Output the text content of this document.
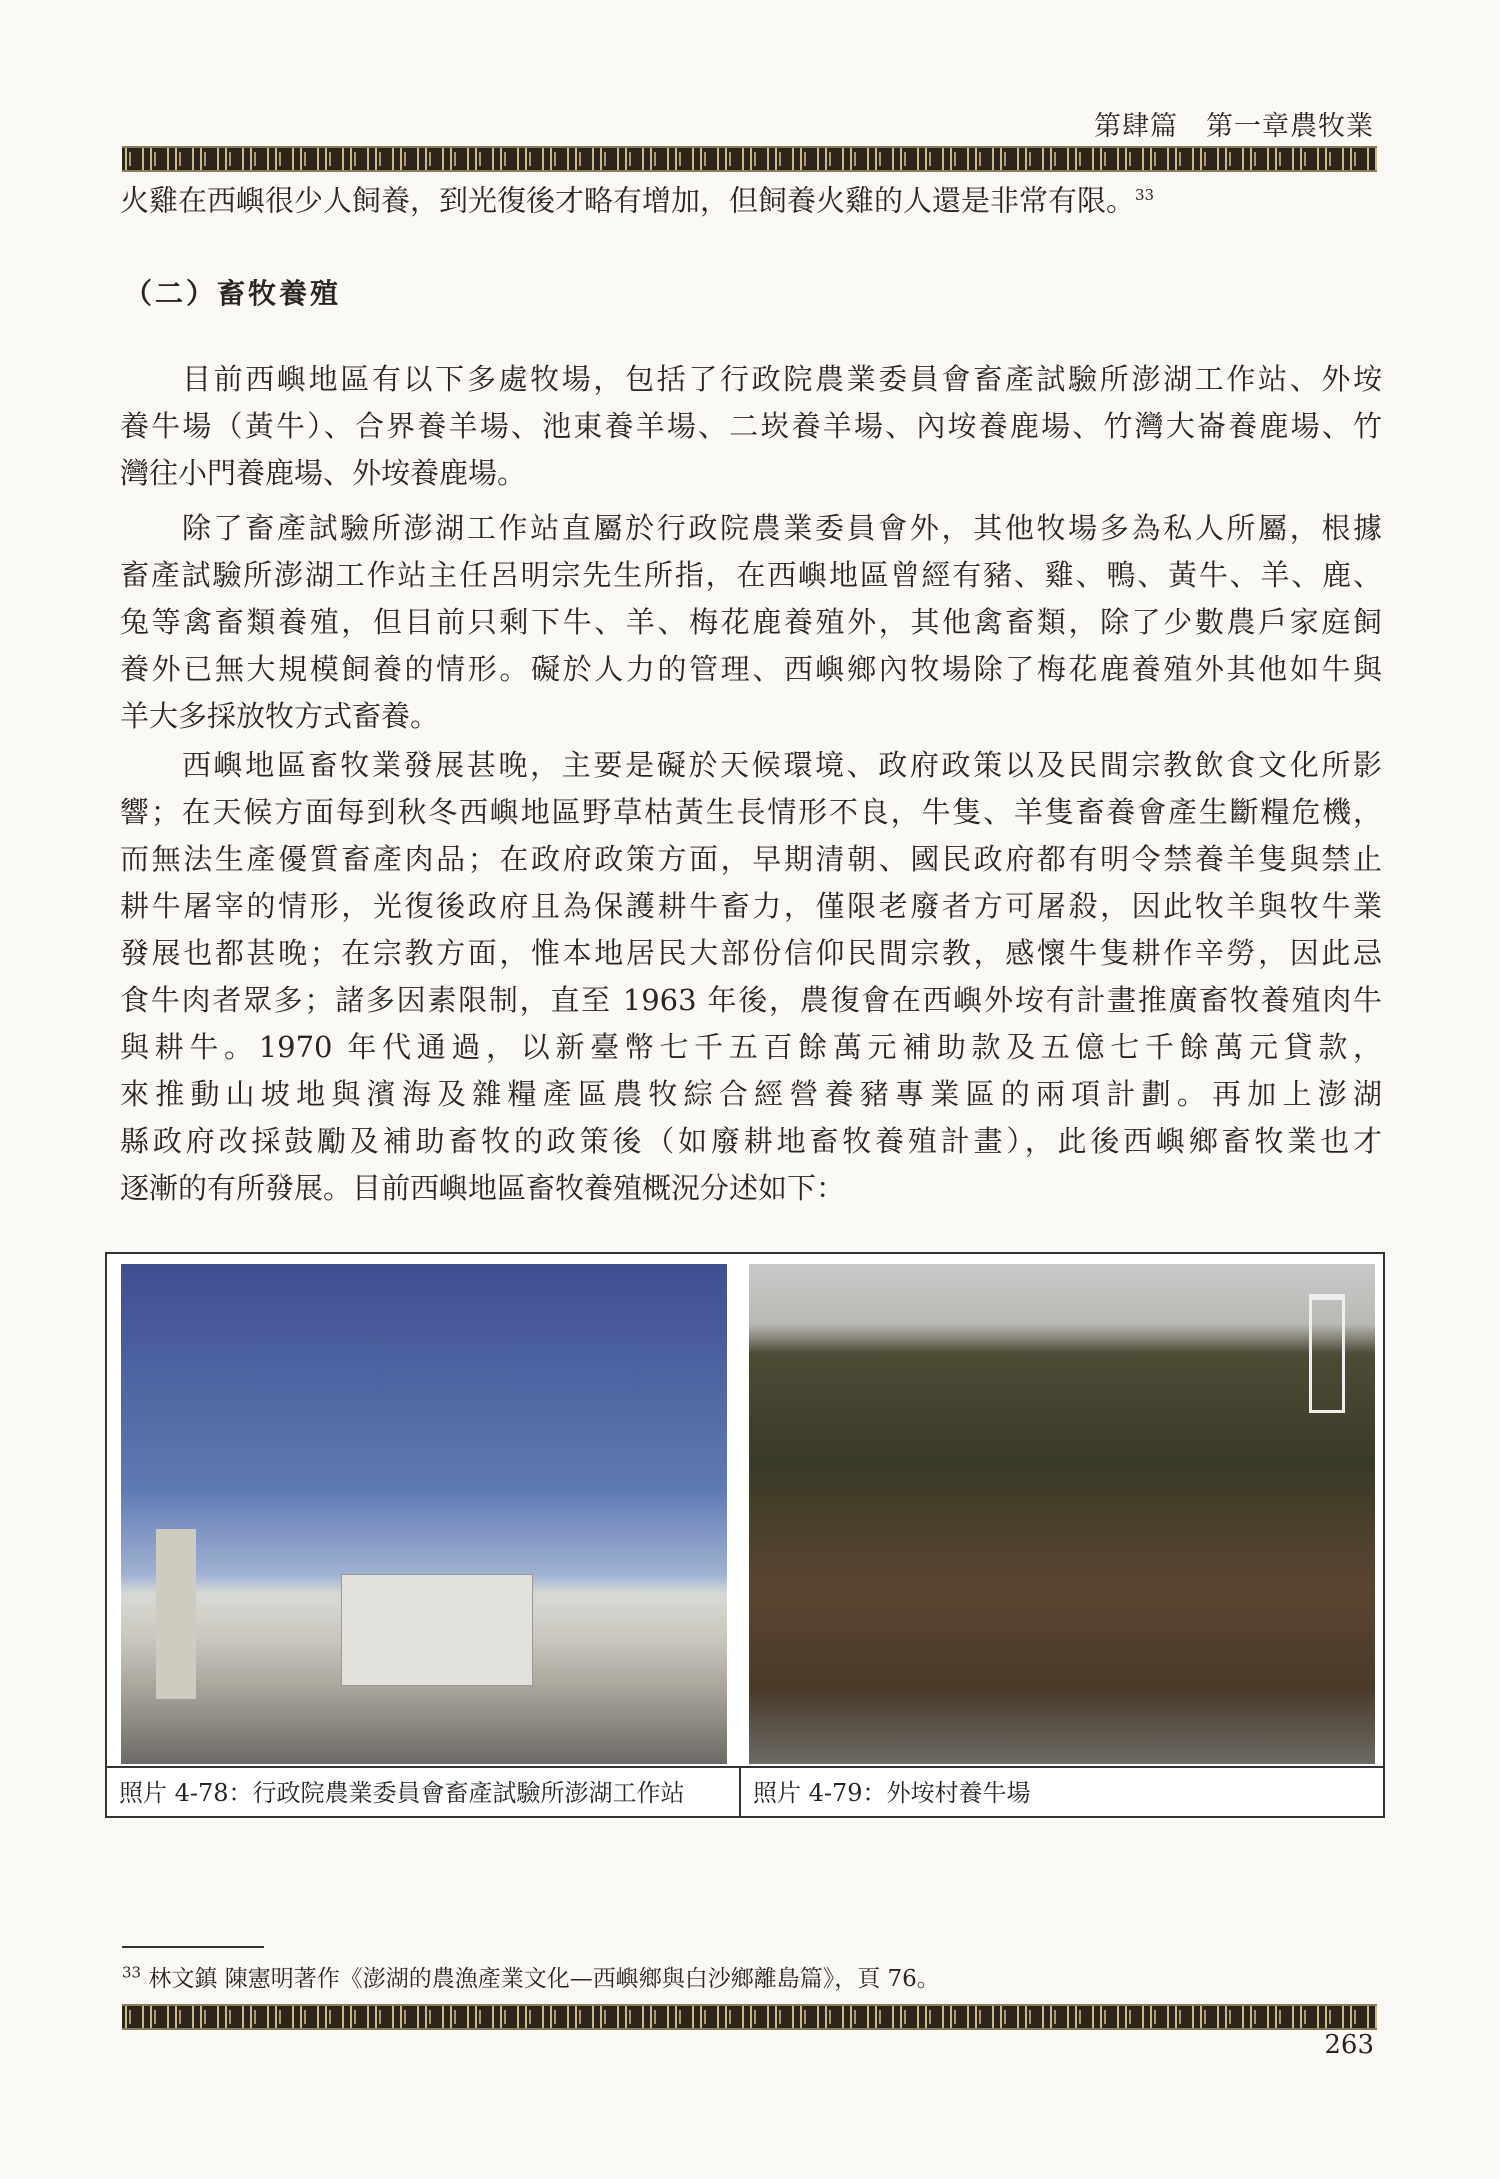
第肆篇　第一章農牧業
火雞在西嶼很少人飼養，到光復後才略有增加，但飼養火雞的人還是非常有限。$^{33}$
（二）畜牧養殖
目前西嶼地區有以下多處牧場，包括了行政院農業委員會畜產試驗所澎湖工作站、外垵
養牛場（黃牛）、合界養羊場、池東養羊場、二崁養羊場、內垵養鹿場、竹灣大崙養鹿場、竹
灣往小門養鹿場、外垵養鹿場。
除了畜產試驗所澎湖工作站直屬於行政院農業委員會外，其他牧場多為私人所屬，根據
畜產試驗所澎湖工作站主任呂明宗先生所指，在西嶼地區曾經有豬、雞、鴨、黃牛、羊、鹿、
兔等禽畜類養殖，但目前只剩下牛、羊、梅花鹿養殖外，其他禽畜類，除了少數農戶家庭飼
養外已無大規模飼養的情形。礙於人力的管理、西嶼鄉內牧場除了梅花鹿養殖外其他如牛與
羊大多採放牧方式畜養。
西嶼地區畜牧業發展甚晚，主要是礙於天候環境、政府政策以及民間宗教飲食文化所影
響；在天候方面每到秋冬西嶼地區野草枯黃生長情形不良，牛隻、羊隻畜養會產生斷糧危機，
而無法生產優質畜產肉品；在政府政策方面，早期清朝、國民政府都有明令禁養羊隻與禁止
耕牛屠宰的情形，光復後政府且為保護耕牛畜力，僅限老廢者方可屠殺，因此牧羊與牧牛業
發展也都甚晚；在宗教方面，惟本地居民大部份信仰民間宗教，感懷牛隻耕作辛勞，因此忌
食牛肉者眾多；諸多因素限制，直至 1963 年後，農復會在西嶼外垵有計畫推廣畜牧養殖肉牛
與耕牛。1970 年代通過，以新臺幣七千五百餘萬元補助款及五億七千餘萬元貸款，
來推動山坡地與濱海及雜糧產區農牧綜合經營養豬專業區的兩項計劃。再加上澎湖
縣政府改採鼓勵及補助畜牧的政策後（如廢耕地畜牧養殖計畫），此後西嶼鄉畜牧業也才
逐漸的有所發展。目前西嶼地區畜牧養殖概況分述如下：
照片 4-78：行政院農業委員會畜產試驗所澎湖工作站	照片 4-79：外垵村養牛場
$^{33}$ 林文鎮 陳憲明著作《澎湖的農漁產業文化—西嶼鄉與白沙鄉離島篇》，頁 76。
263
